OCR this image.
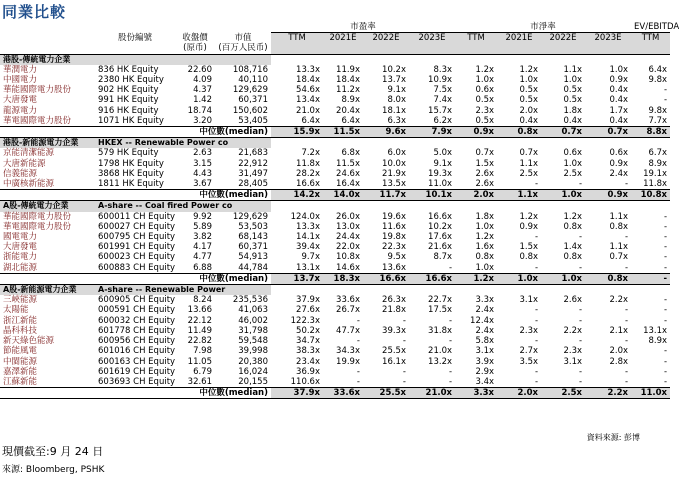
同業比較
				市盈率				市淨率				EV/EBITDA
	股份編號	收盤價	市值	TTM	2021E	2022E	2023E	TTM	2021E	2022E	2023E	TTM
		(原币)	(百万人民币)									
港股-傳統電力企業												
華潤電力	836 HK Equity	22.60	108,716	13.3x	11.9x	10.2x	8.3x	1.2x	1.2x	1.1x	1.0x	6.4x
中國電力	2380 HK Equity	4.09	40,110	18.4x	18.4x	13.7x	10.9x	1.0x	1.0x	1.0x	0.9x	9.8x
華能國際電力股份	902 HK Equity	4.37	129,629	54.6x	11.2x	9.1x	7.5x	0.6x	0.5x	0.5x	0.4x	-
大唐發電	991 HK Equity	1.42	60,371	13.4x	8.9x	8.0x	7.4x	0.5x	0.5x	0.5x	0.4x	-
龍源電力	916 HK Equity	18.74	150,602	21.0x	20.4x	18.1x	15.7x	2.3x	2.0x	1.8x	1.7x	9.8x
華電國際電力股份	1071 HK Equity	3.20	53,405	6.4x	6.4x	6.3x	6.2x	0.5x	0.4x	0.4x	0.4x	7.7x
中位數(median)				15.9x	11.5x	9.6x	7.9x	0.9x	0.8x	0.7x	0.7x	8.8x
港股-新能源電力企業	HKEX -- Renewable Power co											
京能清潔能源	579 HK Equity	2.63	21,683	7.2x	6.8x	6.0x	5.0x	0.7x	0.7x	0.6x	0.6x	6.7x
大唐新能源	1798 HK Equity	3.15	22,912	11.8x	11.5x	10.0x	9.1x	1.5x	1.1x	1.0x	0.9x	8.9x
信義能源	3868 HK Equity	4.43	31,497	28.2x	24.6x	21.9x	19.3x	2.6x	2.5x	2.5x	2.4x	19.1x
中廣核新能源	1811 HK Equity	3.67	28,405	16.6x	16.4x	13.5x	11.0x	2.6x	-	-	-	11.8x
中位數(median)				14.2x	14.0x	11.7x	10.1x	2.0x	1.1x	1.0x	0.9x	10.8x
A股-傳統電力企業	A-share -- Coal fired Power co											
華能國際電力股份	600011 CH Equity	9.92	129,629	124.0x	26.0x	19.6x	16.6x	1.8x	1.2x	1.2x	1.1x	-
華電國際電力股份	600027 CH Equity	5.89	53,503	13.3x	13.0x	11.6x	10.2x	1.0x	0.9x	0.8x	0.8x	-
國電電力	600795 CH Equity	3.82	68,143	14.1x	24.4x	19.8x	17.6x	1.2x	-	-	-	-
大唐發電	601991 CH Equity	4.17	60,371	39.4x	22.0x	22.3x	21.6x	1.6x	1.5x	1.4x	1.1x	-
浙能電力	600023 CH Equity	4.77	54,913	9.7x	10.8x	9.5x	8.7x	0.8x	0.8x	0.8x	0.7x	-
湖北能源	600883 CH Equity	6.88	44,784	13.1x	14.6x	13.6x	-	1.0x	-	-	-	-
中位數(median)				13.7x	18.3x	16.6x	16.6x	1.2x	1.0x	1.0x	0.8x	-
A股-新能源電力企業	A-share -- Renewable Power											
三峽能源	600905 CH Equity	8.24	235,536	37.9x	33.6x	26.3x	22.7x	3.3x	3.1x	2.6x	2.2x	-
太陽能	000591 CH Equity	13.66	41,063	27.6x	26.7x	21.8x	17.5x	2.4x	-	-	-	-
浙江新能	600032 CH Equity	22.12	46,002	122.3x	-	-	-	12.4x	-	-	-	-
晶科科技	601778 CH Equity	11.49	31,798	50.2x	47.7x	39.3x	31.8x	2.4x	2.3x	2.2x	2.1x	13.1x
新天綠色能源	600956 CH Equity	22.82	59,548	34.7x	-	-	-	5.8x	-	-	-	8.9x
節能風電	601016 CH Equity	7.98	39,998	38.3x	34.3x	25.5x	21.0x	3.1x	2.7x	2.3x	2.0x	-
中閩能源	600163 CH Equity	11.05	20,380	23.4x	19.9x	16.1x	13.2x	3.9x	3.5x	3.1x	2.8x	-
嘉澤新能	601619 CH Equity	6.79	16,024	36.9x	-	-	-	2.9x	-	-	-	-
江蘇新能	603693 CH Equity	32.61	20,155	110.6x	-	-	-	3.4x	-	-	-	-
中位數(median)				37.9x	33.6x	25.5x	21.0x	3.3x	2.0x	2.5x	2.2x	11.0x
資料來源: 彭博
現價截至:9 月 24 日
來源: Bloomberg, PSHK
